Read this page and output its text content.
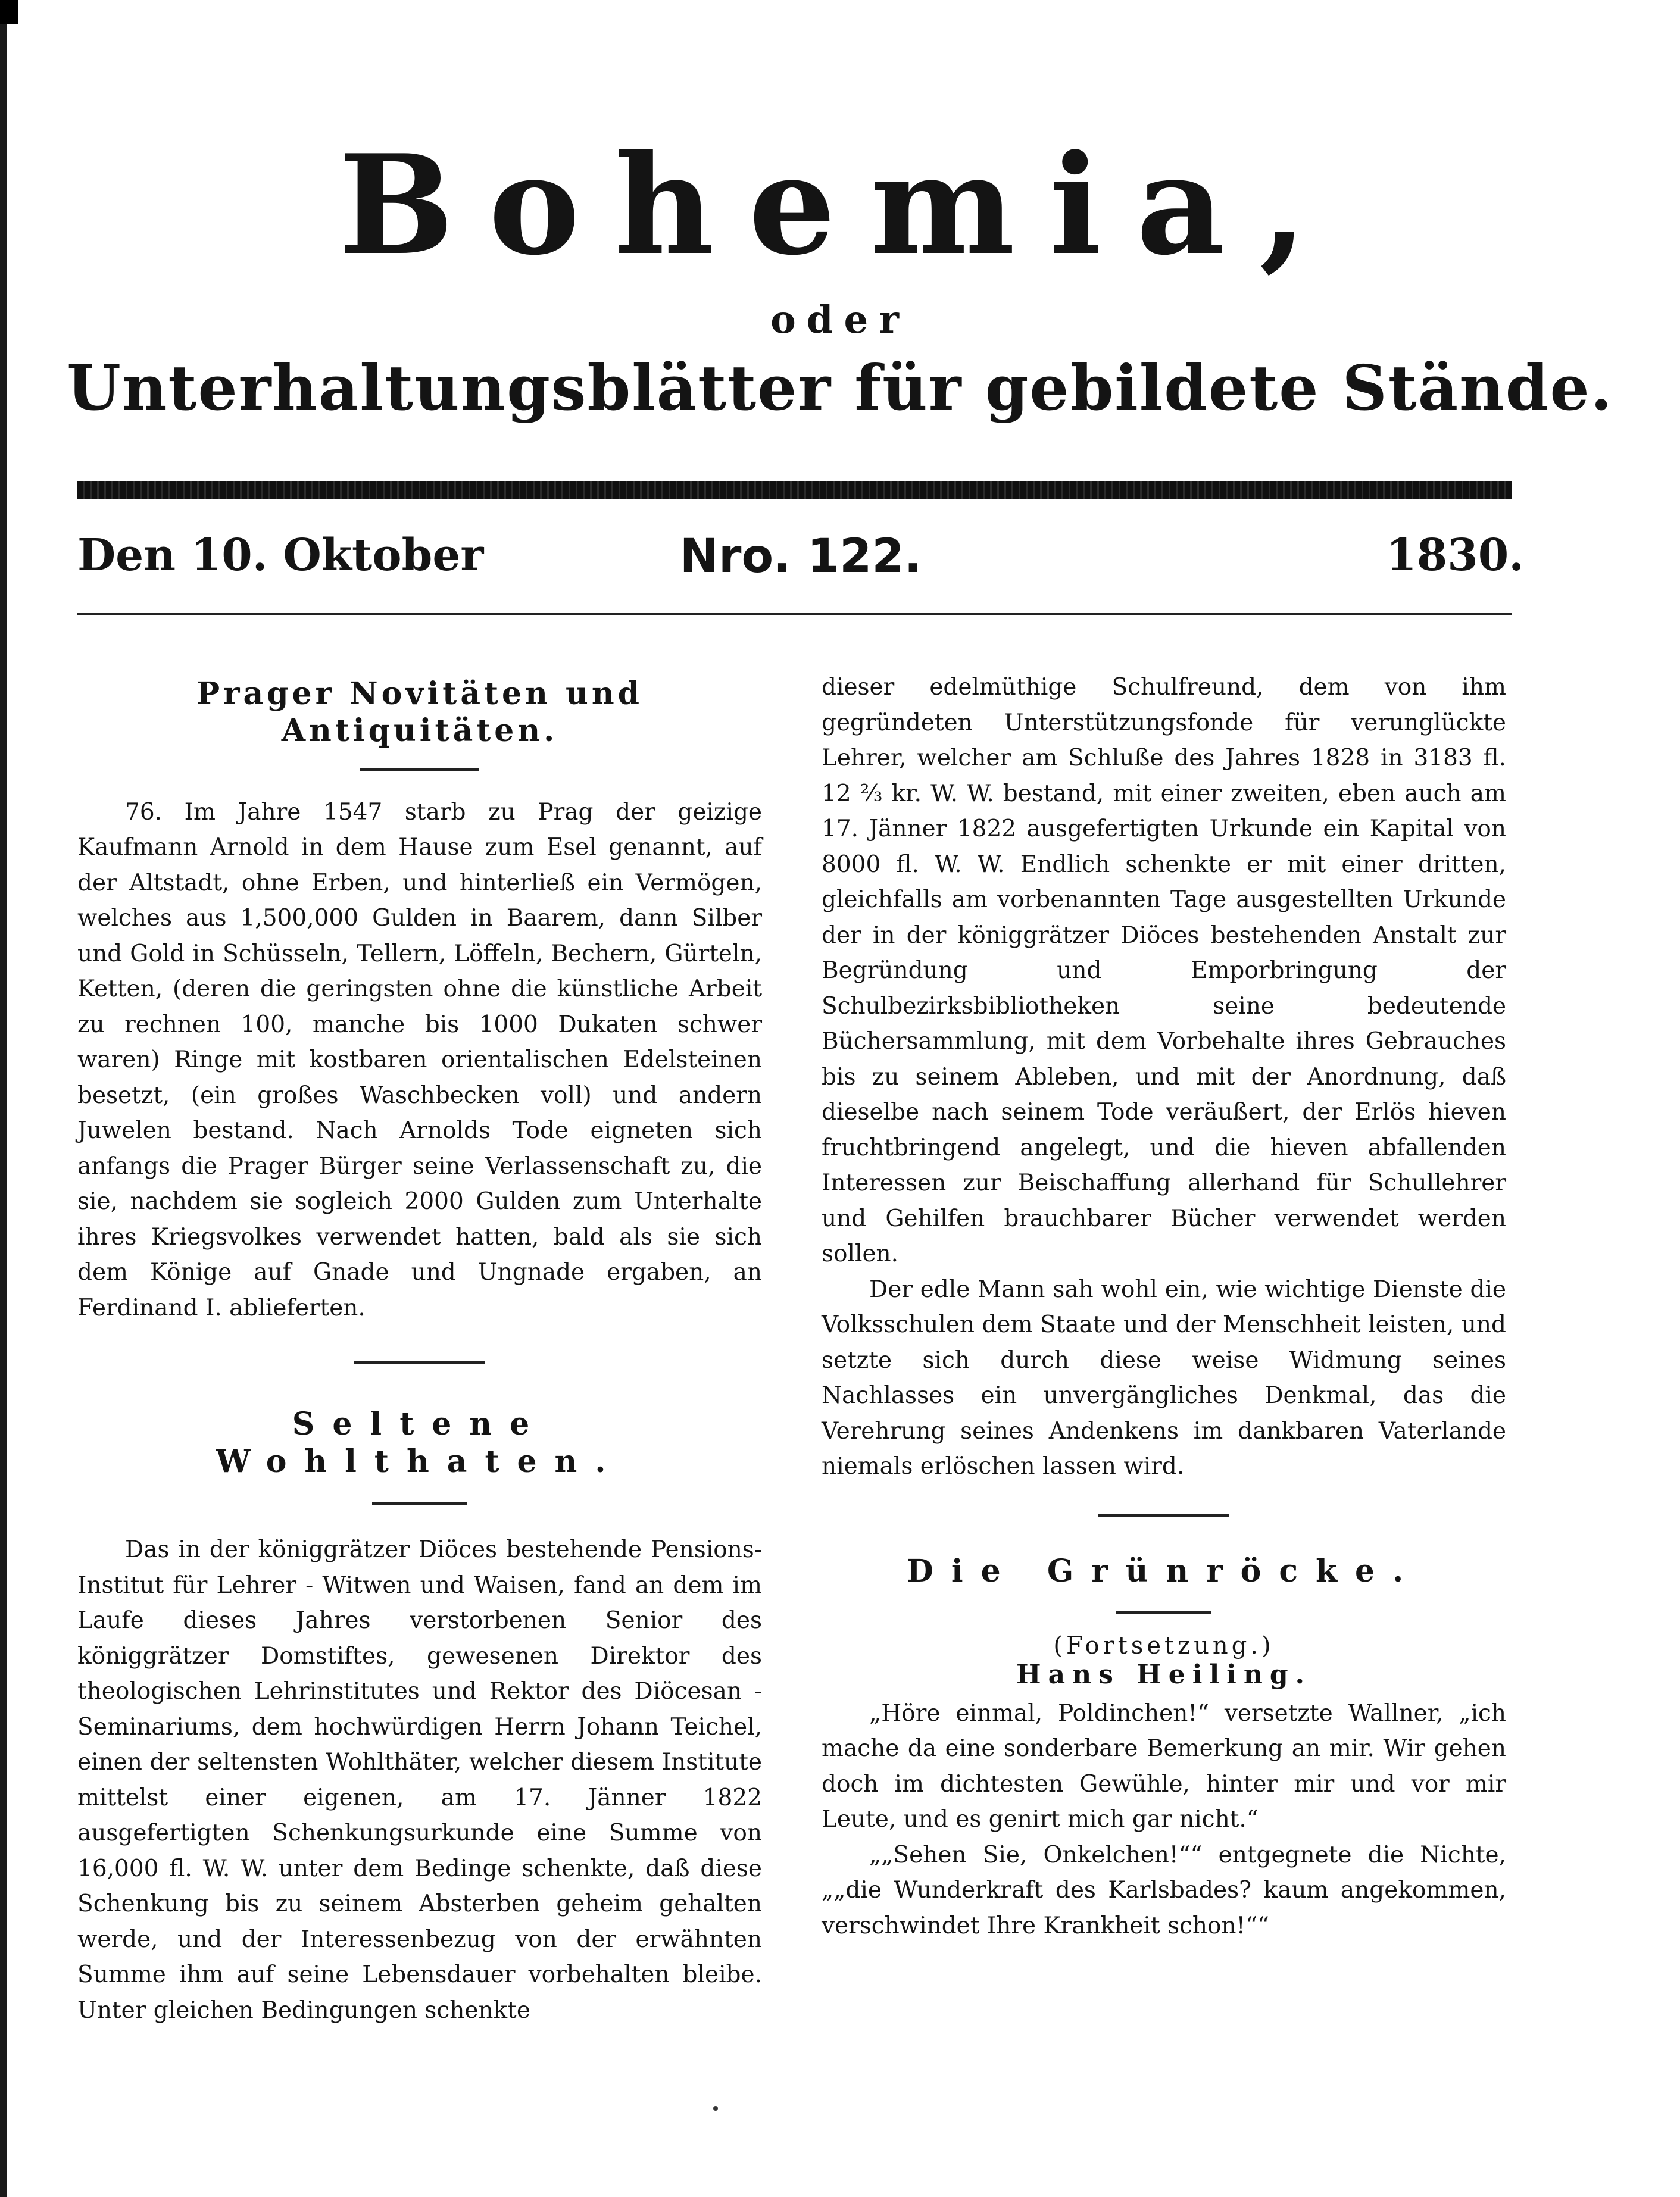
Bohemia,
oder
Unterhaltungsblätter für gebildete Stände.
Den 10. Oktober	Nro. 122.	1830.
Prager Novitäten und Antiquitäten.

76. Im Jahre 1547 starb zu Prag der geizige Kaufmann Arnold in dem Hause zum Esel genannt, auf der Altstadt, ohne Erben, und hinterließ ein Vermögen, welches aus 1,500,000 Gulden in Baarem, dann Silber und Gold in Schüsseln, Tellern, Löffeln, Bechern, Gürteln, Ketten, (deren die geringsten ohne die künstliche Arbeit zu rechnen 100, manche bis 1000 Dukaten schwer waren) Ringe mit kostbaren orientalischen Edelsteinen besetzt, (ein großes Waschbecken voll) und andern Juwelen bestand. Nach Arnolds Tode eigneten sich anfangs die Prager Bürger seine Verlassenschaft zu, die sie, nachdem sie sogleich 2000 Gulden zum Unterhalte ihres Kriegsvolkes verwendet hatten, bald als sie sich dem Könige auf Gnade und Ungnade ergaben, an Ferdinand I. ablieferten.

Seltene Wohlthaten.

Das in der königgrätzer Diöces bestehende Pensions-Institut für Lehrer - Witwen und Waisen, fand an dem im Laufe dieses Jahres verstorbenen Senior des königgrätzer Domstiftes, gewesenen Direktor des theologischen Lehrinstitutes und Rektor des Diöcesan - Seminariums, dem hochwürdigen Herrn Johann Teichel, einen der seltensten Wohlthäter, welcher diesem Institute mittelst einer eigenen, am 17. Jänner 1822 ausgefertigten Schenkungsurkunde eine Summe von 16,000 fl. W. W. unter dem Bedinge schenkte, daß diese Schenkung bis zu seinem Absterben geheim gehalten werde, und der Interessenbezug von der erwähnten Summe ihm auf seine Lebensdauer vorbehalten bleibe. Unter gleichen Bedingungen schenkte

dieser edelmüthige Schulfreund, dem von ihm gegründeten Unterstützungsfonde für verunglückte Lehrer, welcher am Schluße des Jahres 1828 in 3183 fl. 12 ⅔ kr. W. W. bestand, mit einer zweiten, eben auch am 17. Jänner 1822 ausgefertigten Urkunde ein Kapital von 8000 fl. W. W. Endlich schenkte er mit einer dritten, gleichfalls am vorbenannten Tage ausgestellten Urkunde der in der königgrätzer Diöces bestehenden Anstalt zur Begründung und Emporbringung der Schulbezirksbibliotheken seine bedeutende Büchersammlung, mit dem Vorbehalte ihres Gebrauches bis zu seinem Ableben, und mit der Anordnung, daß dieselbe nach seinem Tode veräußert, der Erlös hieven fruchtbringend angelegt, und die hieven abfallenden Interessen zur Beischaffung allerhand für Schullehrer und Gehilfen brauchbarer Bücher verwendet werden sollen.

Der edle Mann sah wohl ein, wie wichtige Dienste die Volksschulen dem Staate und der Menschheit leisten, und setzte sich durch diese weise Widmung seines Nachlasses ein unvergängliches Denkmal, das die Verehrung seines Andenkens im dankbaren Vaterlande niemals erlöschen lassen wird.

Die Grünröcke.
(Fortsetzung.)
Hans Heiling.

„Höre einmal, Poldinchen!“ versetzte Wallner, „ich mache da eine sonderbare Bemerkung an mir. Wir gehen doch im dichtesten Gewühle, hinter mir und vor mir Leute, und es genirt mich gar nicht.“

„„Sehen Sie, Onkelchen!““ entgegnete die Nichte, „„die Wunderkraft des Karlsbades? kaum angekommen, verschwindet Ihre Krankheit schon!““
